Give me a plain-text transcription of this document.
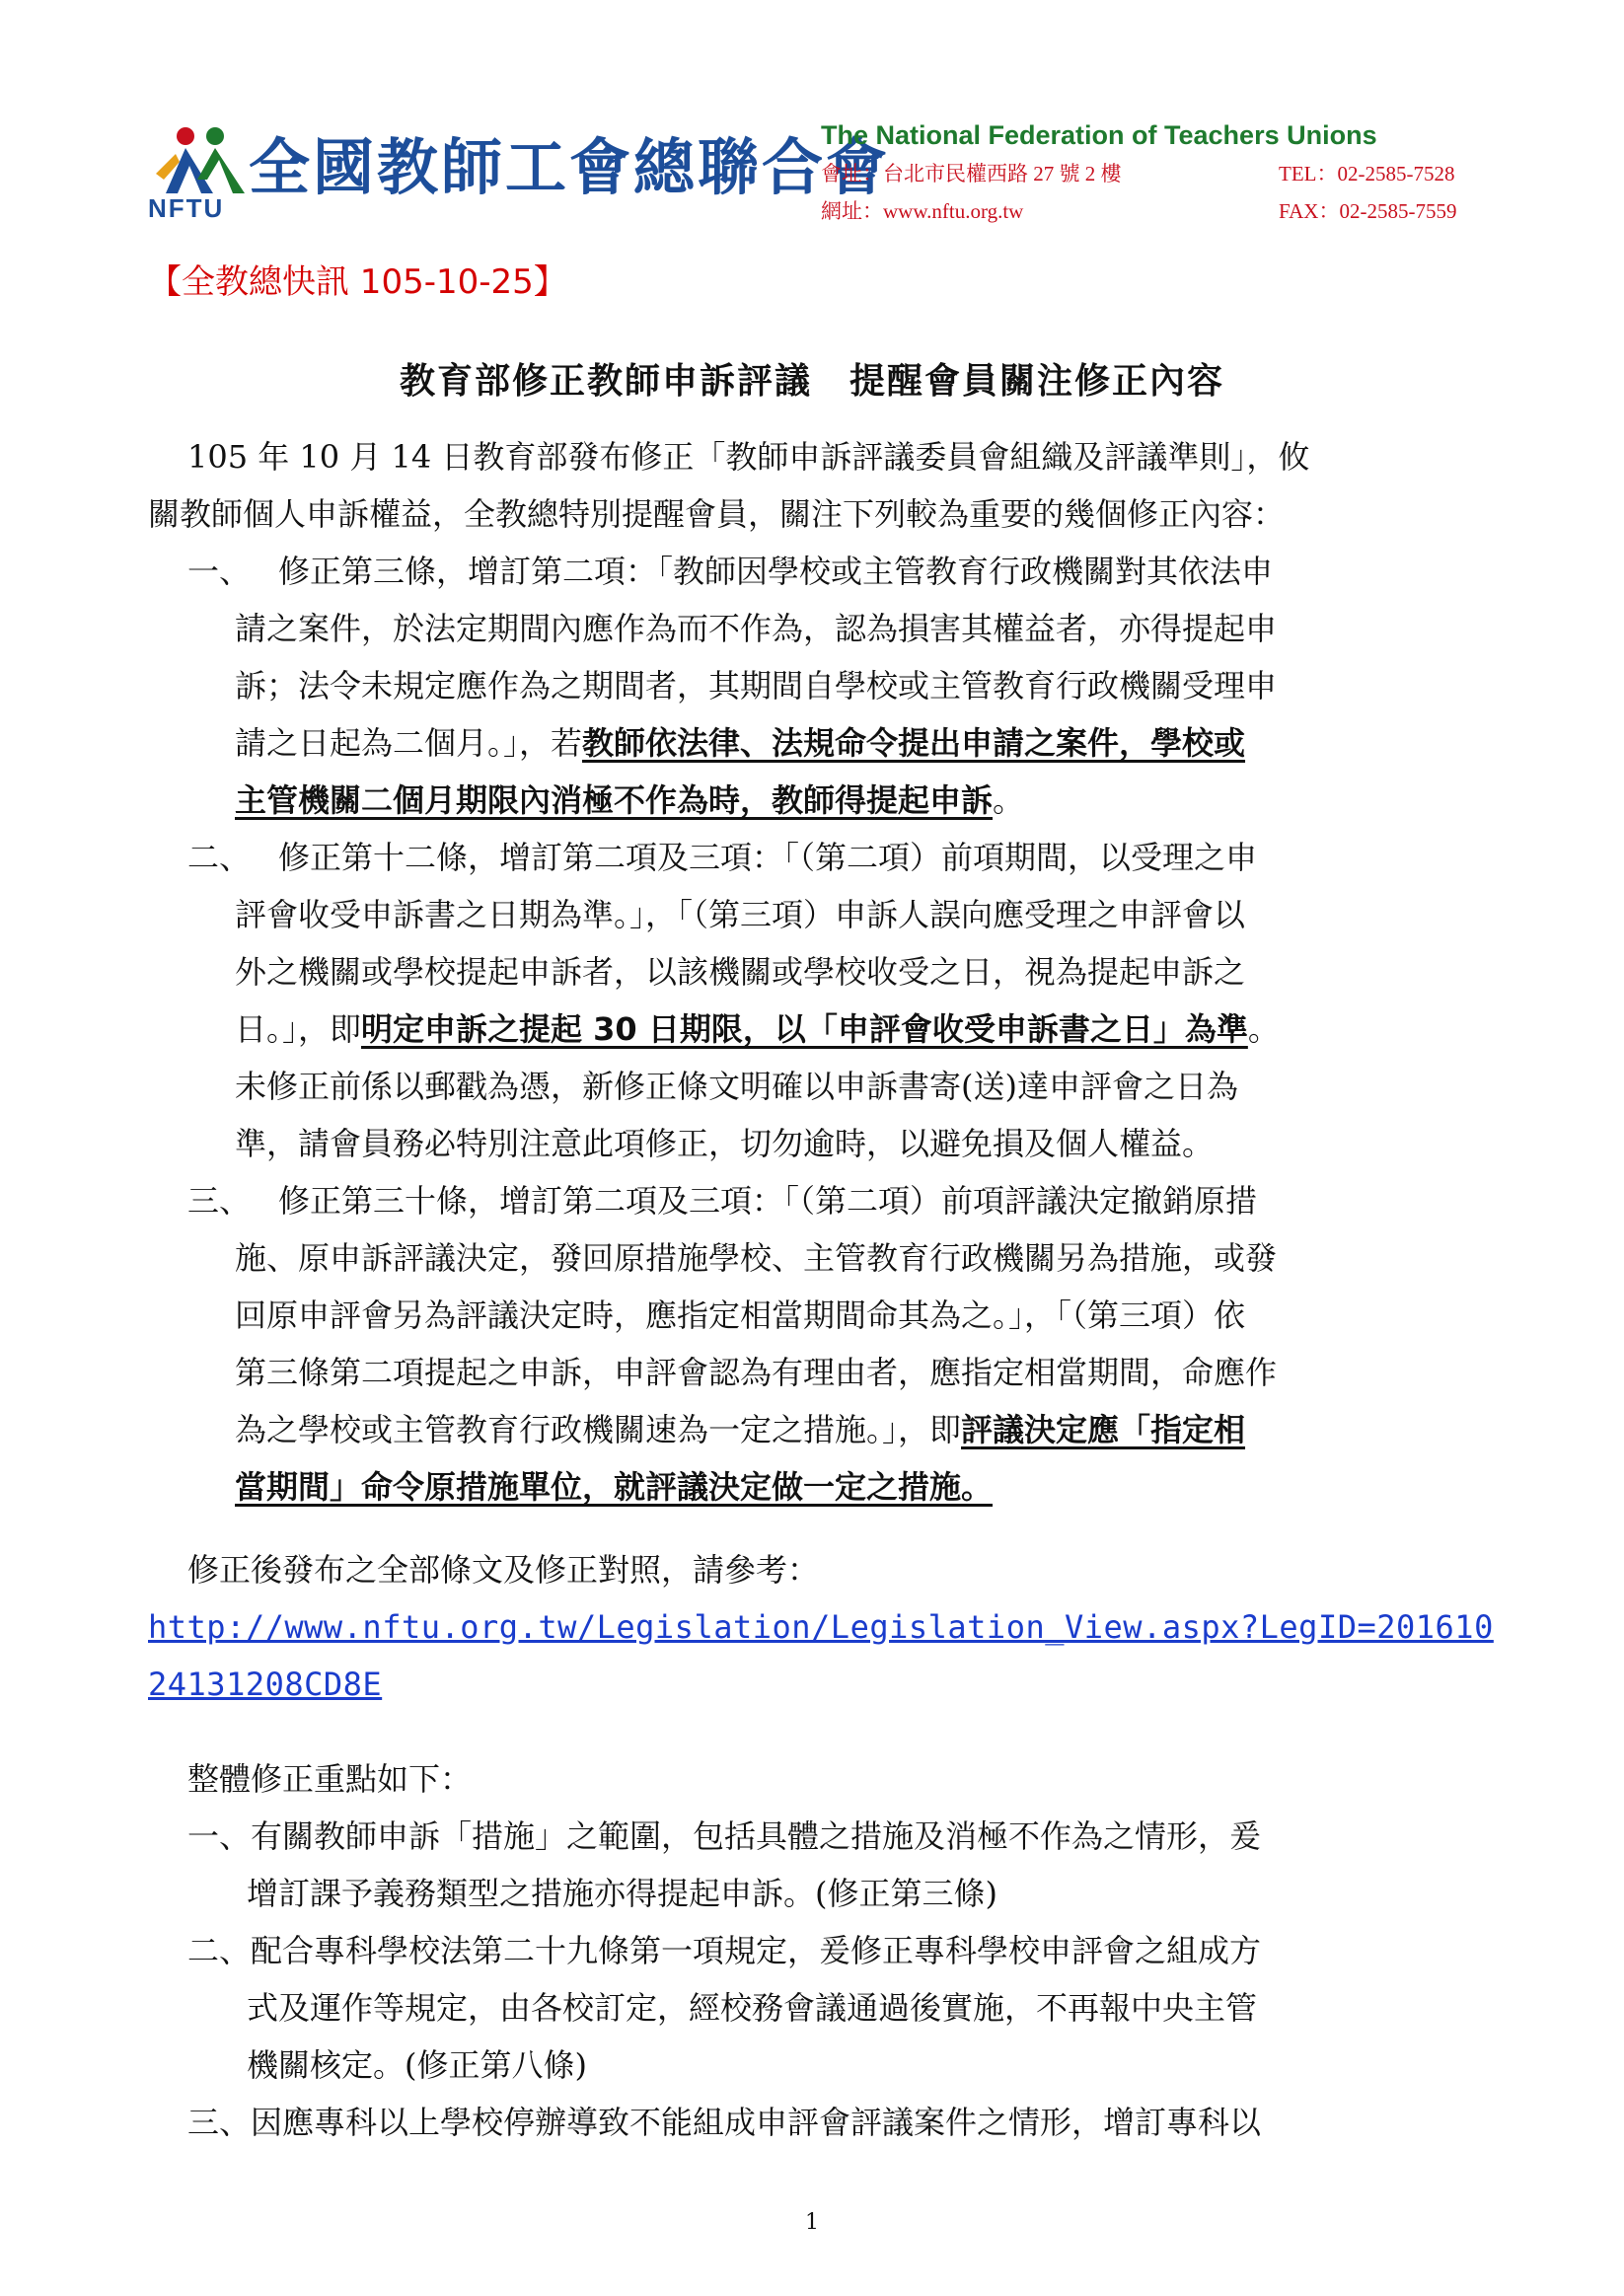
全國教師工會總聯合會
NFTU
The National Federation of Teachers Unions
會址：台北市民權西路 27 號 2 樓	TEL：02-2585-7528
網址：www.nftu.org.tw	FAX：02-2585-7559
【全教總快訊 105-10-25】
教育部修正教師申訴評議　提醒會員關注修正內容
105 年 10 月 14 日教育部發布修正「教師申訴評議委員會組織及評議準則」，攸
關教師個人申訴權益，全教總特別提醒會員，關注下列較為重要的幾個修正內容：
一、 修正第三條，增訂第二項：「教師因學校或主管教育行政機關對其依法申
請之案件，於法定期間內應作為而不作為，認為損害其權益者，亦得提起申
訴；法令未規定應作為之期間者，其期間自學校或主管教育行政機關受理申
請之日起為二個月。」，若教師依法律、法規命令提出申請之案件，學校或
主管機關二個月期限內消極不作為時，教師得提起申訴。
二、 修正第十二條，增訂第二項及三項：「（第二項）前項期間，以受理之申
評會收受申訴書之日期為準。」，「（第三項）申訴人誤向應受理之申評會以
外之機關或學校提起申訴者，以該機關或學校收受之日，視為提起申訴之
日。」，即明定申訴之提起 30 日期限，以「申評會收受申訴書之日」為準。
未修正前係以郵戳為憑，新修正條文明確以申訴書寄(送)達申評會之日為
準，請會員務必特別注意此項修正，切勿逾時，以避免損及個人權益。
三、 修正第三十條，增訂第二項及三項：「（第二項）前項評議決定撤銷原措
施、原申訴評議決定，發回原措施學校、主管教育行政機關另為措施，或發
回原申評會另為評議決定時，應指定相當期間命其為之。」，「（第三項）依
第三條第二項提起之申訴，申評會認為有理由者，應指定相當期間，命應作
為之學校或主管教育行政機關速為一定之措施。」，即評議決定應「指定相
當期間」命令原措施單位，就評議決定做一定之措施。
修正後發布之全部條文及修正對照，請參考：
http://www.nftu.org.tw/Legislation/Legislation_View.aspx?LegID=201610
24131208CD8E
整體修正重點如下：
一、有關教師申訴「措施」之範圍，包括具體之措施及消極不作為之情形，爰
增訂課予義務類型之措施亦得提起申訴。(修正第三條)
二、配合專科學校法第二十九條第一項規定，爰修正專科學校申評會之組成方
式及運作等規定，由各校訂定，經校務會議通過後實施，不再報中央主管
機關核定。(修正第八條)
三、因應專科以上學校停辦導致不能組成申評會評議案件之情形，增訂專科以
1
